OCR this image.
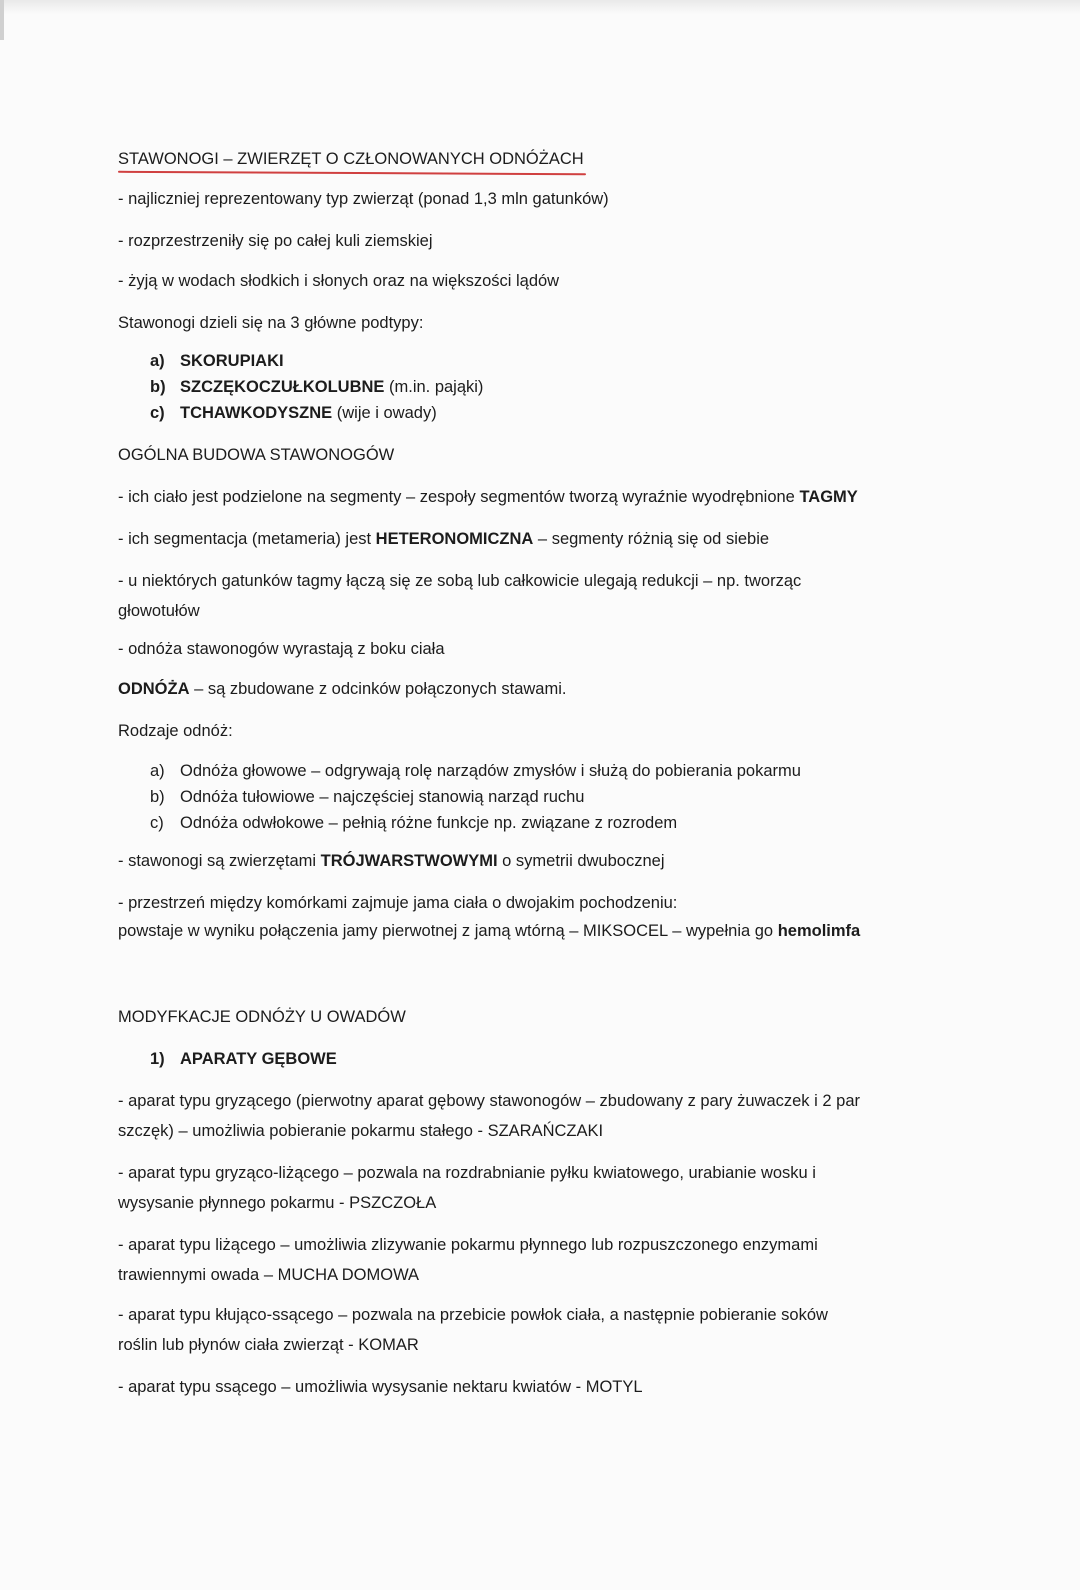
STAWONOGI – ZWIERZĘT O CZŁONOWANYCH ODNÓŻACH
- najliczniej reprezentowany typ zwierząt (ponad 1,3 mln gatunków)
- rozprzestrzeniły się po całej kuli ziemskiej
- żyją w wodach słodkich i słonych oraz na większości lądów
Stawonogi dzieli się na 3 główne podtypy:
a) SKORUPIAKI
b) SZCZĘKOCZUŁKOLUBNE (m.in. pająki)
c) TCHAWKODYSZNE (wije i owady)
OGÓLNA BUDOWA STAWONOGÓW
- ich ciało jest podzielone na segmenty – zespoły segmentów tworzą wyraźnie wyodrębnione TAGMY
- ich segmentacja (metameria) jest HETERONOMICZNA – segmenty różnią się od siebie
- u niektórych gatunków tagmy łączą się ze sobą lub całkowicie ulegają redukcji – np. tworząc
głowotułów
- odnóża stawonogów wyrastają z boku ciała
ODNÓŻA – są zbudowane z odcinków połączonych stawami.
Rodzaje odnóż:
a) Odnóża głowowe – odgrywają rolę narządów zmysłów i służą do pobierania pokarmu
b) Odnóża tułowiowe – najczęściej stanowią narząd ruchu
c) Odnóża odwłokowe – pełnią różne funkcje np. związane z rozrodem
- stawonogi są zwierzętami TRÓJWARSTWOWYMI o symetrii dwubocznej
- przestrzeń między komórkami zajmuje jama ciała o dwojakim pochodzeniu:
powstaje w wyniku połączenia jamy pierwotnej z jamą wtórną – MIKSOCEL – wypełnia go hemolimfa
MODYFKACJE ODNÓŻY U OWADÓW
1) APARATY GĘBOWE
- aparat typu gryzącego (pierwotny aparat gębowy stawonogów – zbudowany z pary żuwaczek i 2 par
szczęk) – umożliwia pobieranie pokarmu stałego - SZARAŃCZAKI
- aparat typu gryząco-liżącego – pozwala na rozdrabnianie pyłku kwiatowego, urabianie wosku i
wysysanie płynnego pokarmu - PSZCZOŁA
- aparat typu liżącego – umożliwia zlizywanie pokarmu płynnego lub rozpuszczonego enzymami
trawiennymi owada – MUCHA DOMOWA
- aparat typu kłująco-ssącego – pozwala na przebicie powłok ciała, a następnie pobieranie soków
roślin lub płynów ciała zwierząt - KOMAR
- aparat typu ssącego – umożliwia wysysanie nektaru kwiatów - MOTYL
